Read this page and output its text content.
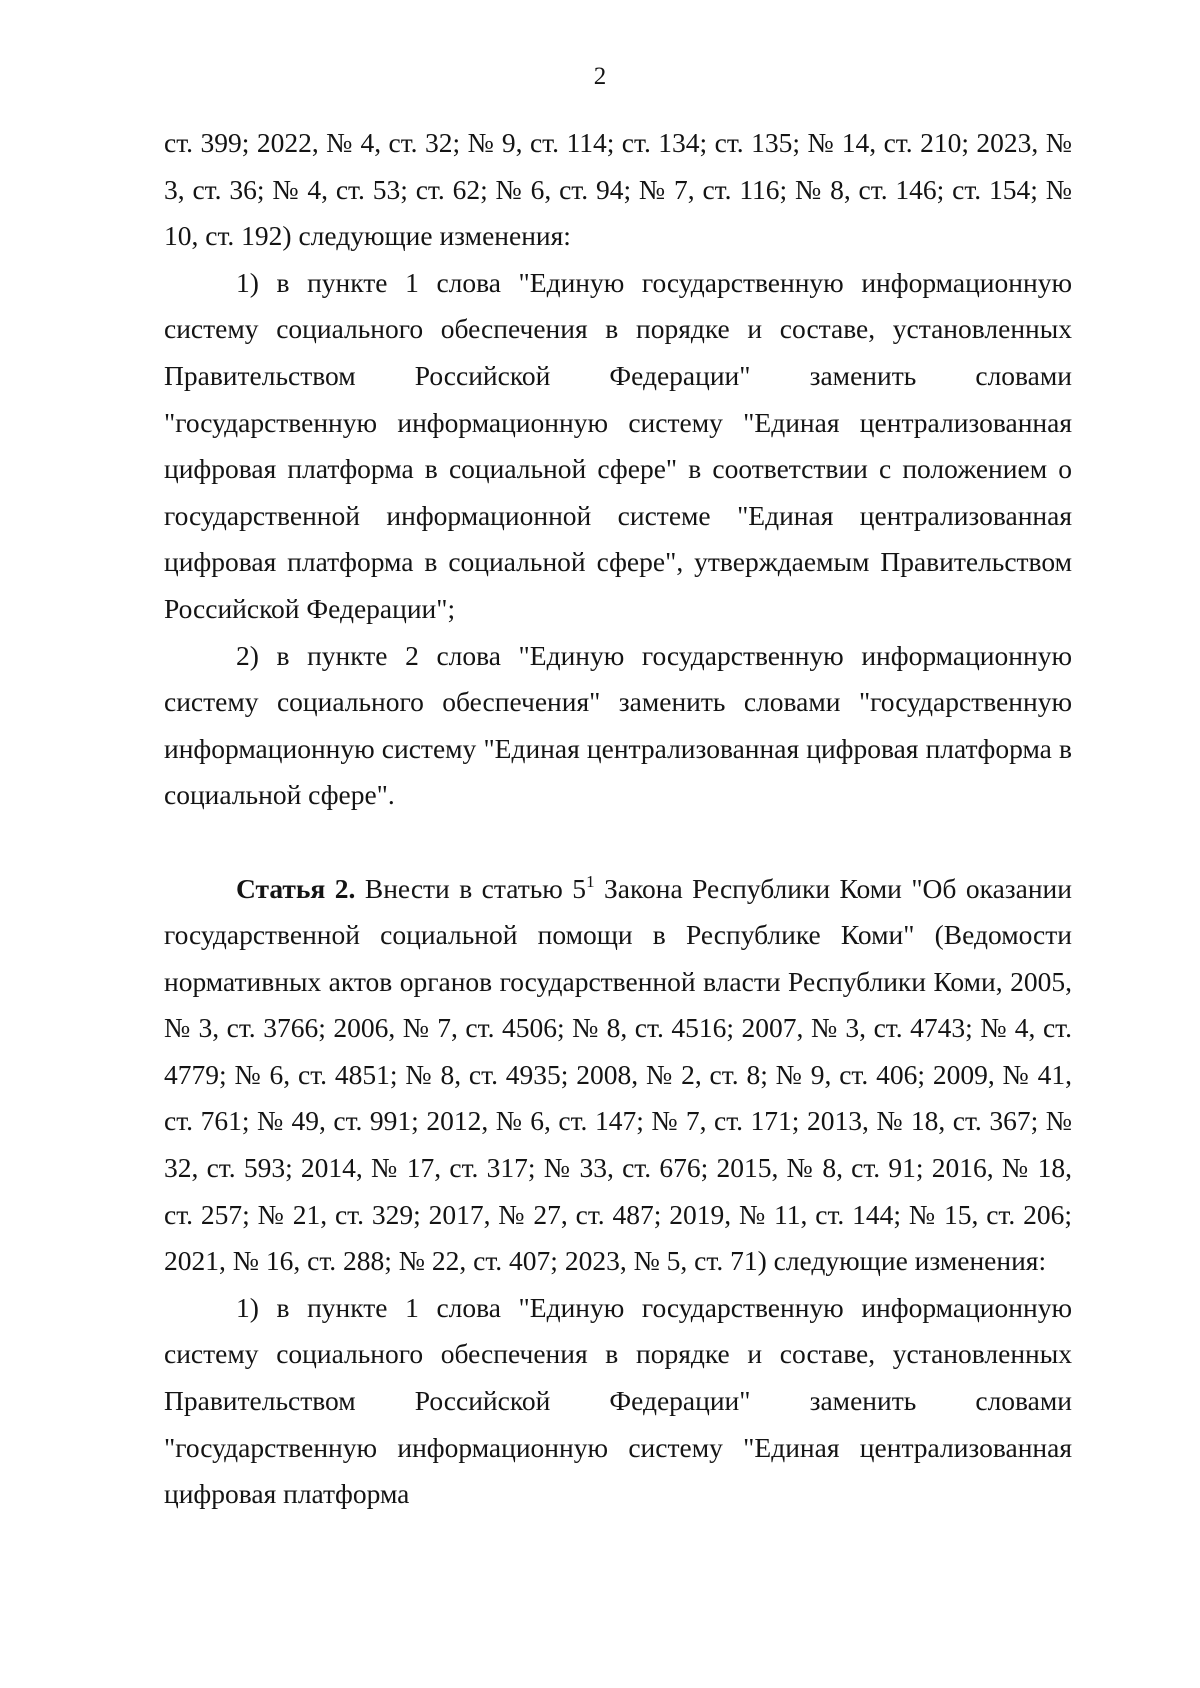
2

ст. 399; 2022, № 4, ст. 32; № 9, ст. 114; ст. 134; ст. 135; № 14, ст. 210; 2023, № 3, ст. 36; № 4, ст. 53; ст. 62; № 6, ст. 94; № 7, ст. 116; № 8, ст. 146; ст. 154; № 10, ст. 192) следующие изменения:

1) в пункте 1 слова "Единую государственную информационную систему социального обеспечения в порядке и составе, установленных Правительством Российской Федерации" заменить словами "государственную информационную систему "Единая централизованная цифровая платформа в социальной сфере" в соответствии с положением о государственной информационной системе "Единая централизованная цифровая платформа в социальной сфере", утверждаемым Правительством Российской Федерации";

2) в пункте 2 слова "Единую государственную информационную систему социального обеспечения" заменить словами "государственную информационную систему "Единая централизованная цифровая платформа в социальной сфере".

Статья 2. Внести в статью $5^1$ Закона Республики Коми "Об оказании государственной социальной помощи в Республике Коми" (Ведомости нормативных актов органов государственной власти Республики Коми, 2005, № 3, ст. 3766; 2006, № 7, ст. 4506; № 8, ст. 4516; 2007, № 3, ст. 4743; № 4, ст. 4779; № 6, ст. 4851; № 8, ст. 4935; 2008, № 2, ст. 8; № 9, ст. 406; 2009, № 41, ст. 761; № 49, ст. 991; 2012, № 6, ст. 147; № 7, ст. 171; 2013, № 18, ст. 367; № 32, ст. 593; 2014, № 17, ст. 317; № 33, ст. 676; 2015, № 8, ст. 91; 2016, № 18, ст. 257; № 21, ст. 329; 2017, № 27, ст. 487; 2019, № 11, ст. 144; № 15, ст. 206; 2021, № 16, ст. 288; № 22, ст. 407; 2023, № 5, ст. 71) следующие изменения:

1) в пункте 1 слова "Единую государственную информационную систему социального обеспечения в порядке и составе, установленных Правительством Российской Федерации" заменить словами "государственную информационную систему "Единая централизованная цифровая платформа
